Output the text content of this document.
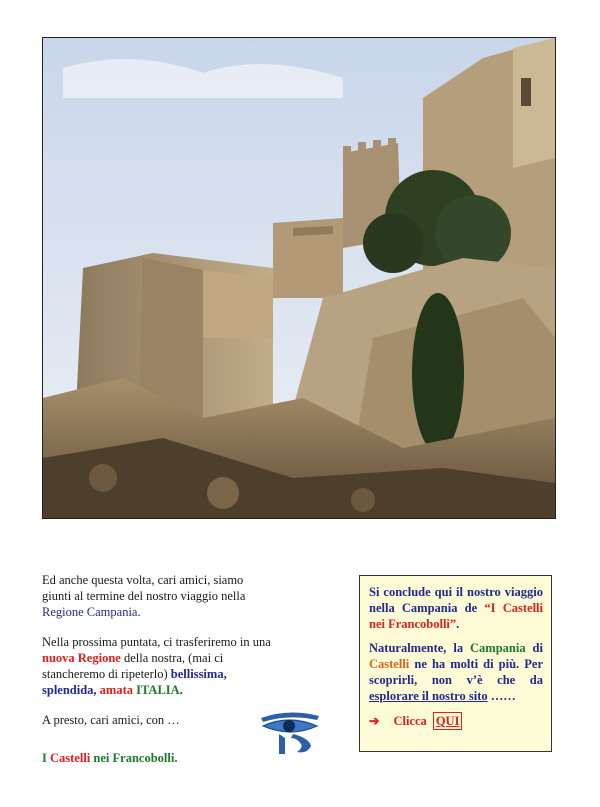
Ed anche questa volta, cari amici, siamo giunti al termine del nostro viaggio nella Regione Campania.

Nella prossima puntata, ci trasferiremo in una nuova Regione della nostra, (mai ci stancheremo di ripeterlo) bellissima, splendida, amata ITALIA.

A presto, cari amici, con …

I Castelli nei Francobolli.

Si conclude qui il nostro viaggio nella Campania de “I Castelli nei Francobolli”.

Naturalmente, la Campania di Castelli ne ha molti di più. Per scoprirli, non v’è che da esplorare il nostro sito ……

➔ Clicca QUI
